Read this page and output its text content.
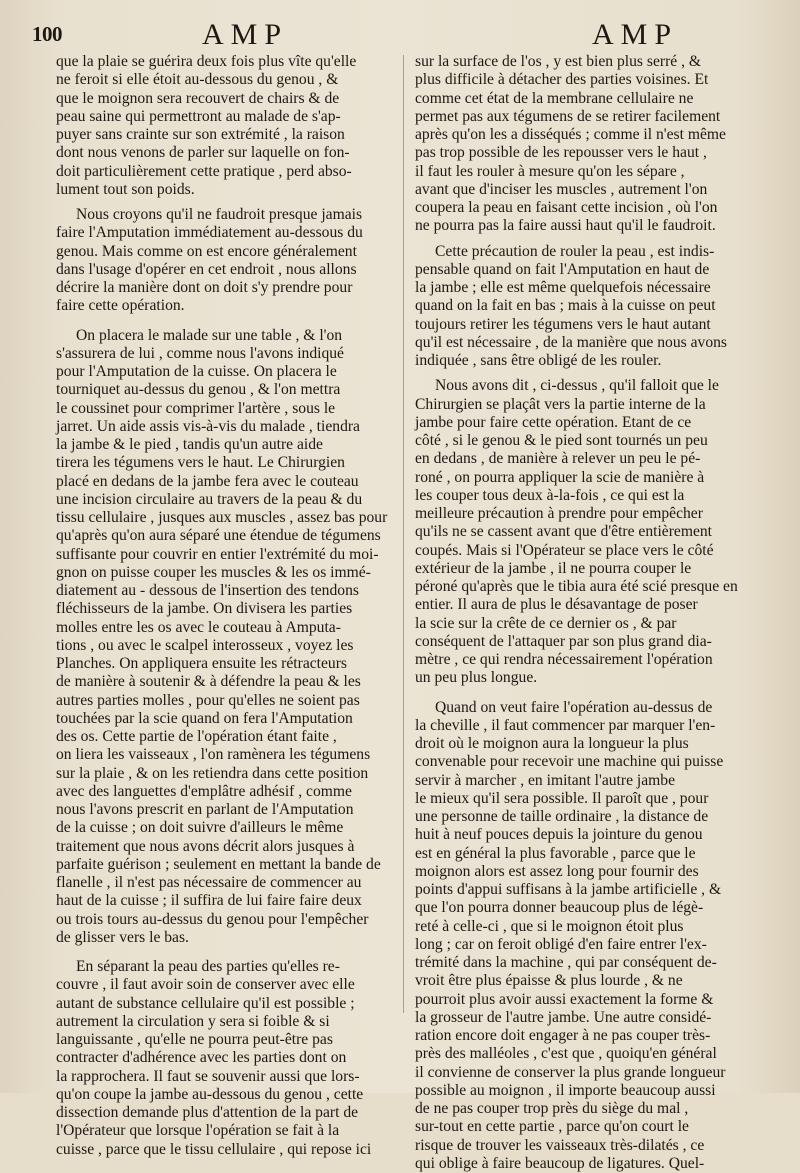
100	AMP	AMP
que la plaie se guérira deux fois plus vîte qu'elle
ne feroit si elle étoit au-dessous du genou , &
que le moignon sera recouvert de chairs & de
peau saine qui permettront au malade de s'ap-
puyer sans crainte sur son extrémité , la raison
dont nous venons de parler sur laquelle on fon-
doit particulièrement cette pratique , perd abso-
lument tout son poids.
Nous croyons qu'il ne faudroit presque jamais
faire l'Amputation immédiatement au-dessous du
genou. Mais comme on est encore généralement
dans l'usage d'opérer en cet endroit , nous allons
décrire la manière dont on doit s'y prendre pour
faire cette opération.
On placera le malade sur une table , & l'on
s'assurera de lui , comme nous l'avons indiqué
pour l'Amputation de la cuisse. On placera le
tourniquet au-dessus du genou , & l'on mettra
le coussinet pour comprimer l'artère , sous le
jarret. Un aide assis vis-à-vis du malade , tiendra
la jambe & le pied , tandis qu'un autre aide
tirera les tégumens vers le haut. Le Chirurgien
placé en dedans de la jambe fera avec le couteau
une incision circulaire au travers de la peau & du
tissu cellulaire , jusques aux muscles , assez bas pour
qu'après qu'on aura séparé une étendue de tégumens
suffisante pour couvrir en entier l'extrémité du moi-
gnon on puisse couper les muscles & les os immé-
diatement au - dessous de l'insertion des tendons
fléchisseurs de la jambe. On divisera les parties
molles entre les os avec le couteau à Amputa-
tions , ou avec le scalpel interosseux , voyez les
Planches. On appliquera ensuite les rétracteurs
de manière à soutenir & à défendre la peau & les
autres parties molles , pour qu'elles ne soient pas
touchées par la scie quand on fera l'Amputation
des os. Cette partie de l'opération étant faite ,
on liera les vaisseaux , l'on ramènera les tégumens
sur la plaie , & on les retiendra dans cette position
avec des languettes d'emplâtre adhésif , comme
nous l'avons prescrit en parlant de l'Amputation
de la cuisse ; on doit suivre d'ailleurs le même
traitement que nous avons décrit alors jusques à
parfaite guérison ; seulement en mettant la bande de
flanelle , il n'est pas nécessaire de commencer au
haut de la cuisse ; il suffira de lui faire faire deux
ou trois tours au-dessus du genou pour l'empêcher
de glisser vers le bas.
En séparant la peau des parties qu'elles re-
couvre , il faut avoir soin de conserver avec elle
autant de substance cellulaire qu'il est possible ;
autrement la circulation y sera si foible & si
languissante , qu'elle ne pourra peut-être pas
contracter d'adhérence avec les parties dont on
la rapprochera. Il faut se souvenir aussi que lors-
qu'on coupe la jambe au-dessous du genou , cette
dissection demande plus d'attention de la part de
l'Opérateur que lorsque l'opération se fait à la
cuisse , parce que le tissu cellulaire , qui repose ici
sur la surface de l'os , y est bien plus serré , &
plus difficile à détacher des parties voisines. Et
comme cet état de la membrane cellulaire ne
permet pas aux tégumens de se retirer facilement
après qu'on les a disséqués ; comme il n'est même
pas trop possible de les repousser vers le haut ,
il faut les rouler à mesure qu'on les sépare ,
avant que d'inciser les muscles , autrement l'on
coupera la peau en faisant cette incision , où l'on
ne pourra pas la faire aussi haut qu'il le faudroit.
Cette précaution de rouler la peau , est indis-
pensable quand on fait l'Amputation en haut de
la jambe ; elle est même quelquefois nécessaire
quand on la fait en bas ; mais à la cuisse on peut
toujours retirer les tégumens vers le haut autant
qu'il est nécessaire , de la manière que nous avons
indiquée , sans être obligé de les rouler.
Nous avons dit , ci-dessus , qu'il falloit que le
Chirurgien se plaçât vers la partie interne de la
jambe pour faire cette opération. Etant de ce
côté , si le genou & le pied sont tournés un peu
en dedans , de manière à relever un peu le pé-
roné , on pourra appliquer la scie de manière à
les couper tous deux à-la-fois , ce qui est la
meilleure précaution à prendre pour empêcher
qu'ils ne se cassent avant que d'être entièrement
coupés. Mais si l'Opérateur se place vers le côté
extérieur de la jambe , il ne pourra couper le
péroné qu'après que le tibia aura été scié presque en
entier. Il aura de plus le désavantage de poser
la scie sur la crête de ce dernier os , & par
conséquent de l'attaquer par son plus grand dia-
mètre , ce qui rendra nécessairement l'opération
un peu plus longue.
Quand on veut faire l'opération au-dessus de
la cheville , il faut commencer par marquer l'en-
droit où le moignon aura la longueur la plus
convenable pour recevoir une machine qui puisse
servir à marcher , en imitant l'autre jambe
le mieux qu'il sera possible. Il paroît que , pour
une personne de taille ordinaire , la distance de
huit à neuf pouces depuis la jointure du genou
est en général la plus favorable , parce que le
moignon alors est assez long pour fournir des
points d'appui suffisans à la jambe artificielle , &
que l'on pourra donner beaucoup plus de légè-
reté à celle-ci , que si le moignon étoit plus
long ; car on feroit obligé d'en faire entrer l'ex-
trémité dans la machine , qui par conséquent de-
vroit être plus épaisse & plus lourde , & ne
pourroit plus avoir aussi exactement la forme &
la grosseur de l'autre jambe. Une autre considé-
ration encore doit engager à ne pas couper très-
près des malléoles , c'est que , quoiqu'en général
il convienne de conserver la plus grande longueur
possible au moignon , il importe beaucoup aussi
de ne pas couper trop près du siège du mal ,
sur-tout en cette partie , parce qu'on court le
risque de trouver les vaisseaux très-dilatés , ce
qui oblige à faire beaucoup de ligatures. Quel-
